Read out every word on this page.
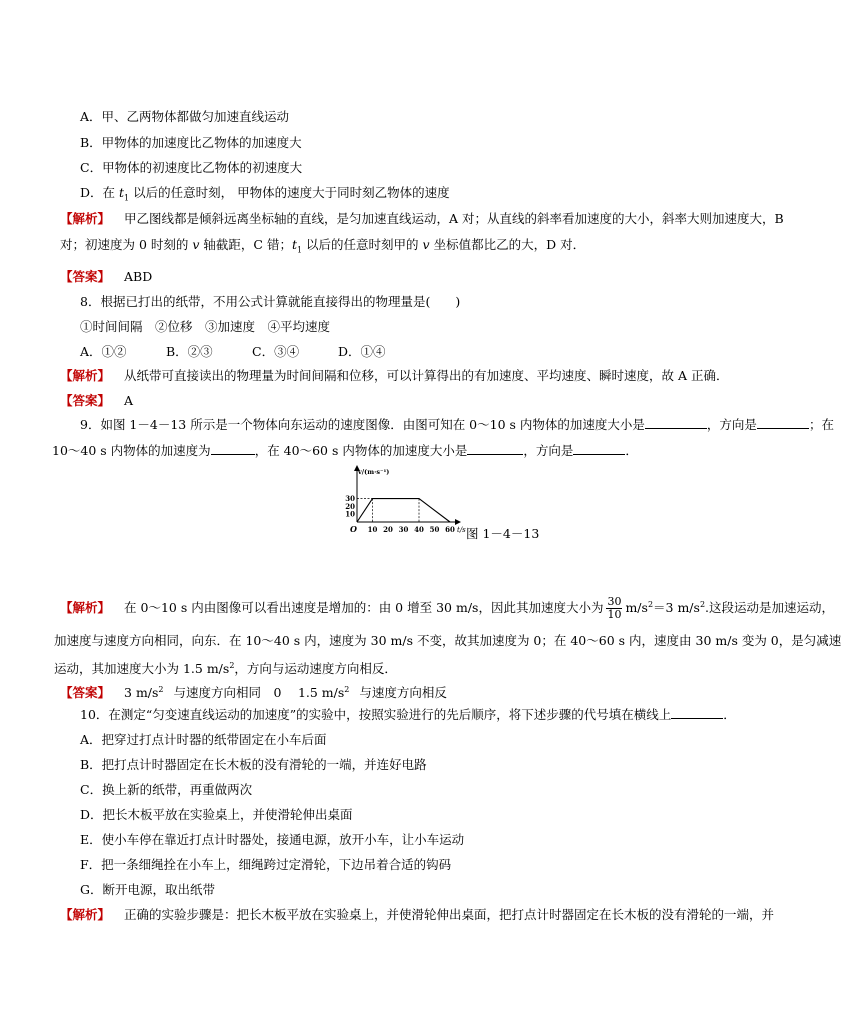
A．甲、乙两物体都做匀加速直线运动
B．甲物体的加速度比乙物体的加速度大
C．甲物体的初速度比乙物体的初速度大
D．在 $t_1$ 以后的任意时刻， 甲物体的速度大于同时刻乙物体的速度
【解析】 甲乙图线都是倾斜远离坐标轴的直线，是匀加速直线运动，A 对；从直线的斜率看加速度的大小，斜率大则加速度大，B
对；初速度为 0 时刻的 v 轴截距，C 错；$t_1$ 以后的任意时刻甲的 v 坐标值都比乙的大，D 对．
【答案】 ABD
8．根据已打出的纸带，不用公式计算就能直接得出的物理量是(　　)
①时间间隔　②位移　③加速度　④平均速度
A．①②	B．②③	C．③④	D．①④
【解析】 从纸带可直接读出的物理量为时间间隔和位移，可以计算得出的有加速度、平均速度、瞬时速度，故 A 正确．
【答案】 A
9．如图 1－4－13 所示是一个物体向东运动的速度图像．由图可知在 0～10 s 内物体的加速度大小是	，方向是	；在
10～40 s 内物体的加速度为	，在 40～60 s 内物体的加速度大小是	，方向是	．
30
20
10
10 20 30 40 50 60
v/(m·s⁻¹)
t/s
O	图 1－4－13
【解析】 在 0～10 s 内由图像可以看出速度是增加的：由 0 增至 30 m/s，因此其加速度大小为 $\frac{30}{10} m/s^2=3$ $m/s^2$.这段运动是加速运动，
加速度与速度方向相同，向东．在 10～40 s 内，速度为 30 m/s 不变，故其加速度为 0；在 40～60 s 内，速度由 30 m/s 变为 0，是匀减速
运动，其加速度大小为 1.5 $m/s^2$，方向与运动速度方向相反．
【答案】 3 $m/s^2$ 与速度方向相同　0　 1.5 $m/s^2$ 与速度方向相反
10．在测定“匀变速直线运动的加速度”的实验中，按照实验进行的先后顺序，将下述步骤的代号填在横线上	．
A．把穿过打点计时器的纸带固定在小车后面
B．把打点计时器固定在长木板的没有滑轮的一端，并连好电路
C．换上新的纸带，再重做两次
D．把长木板平放在实验桌上，并使滑轮伸出桌面
E．使小车停在靠近打点计时器处，接通电源，放开小车，让小车运动
F．把一条细绳拴在小车上，细绳跨过定滑轮，下边吊着合适的钩码
G．断开电源，取出纸带
【解析】 正确的实验步骤是：把长木板平放在实验桌上，并使滑轮伸出桌面，把打点计时器固定在长木板的没有滑轮的一端，并
